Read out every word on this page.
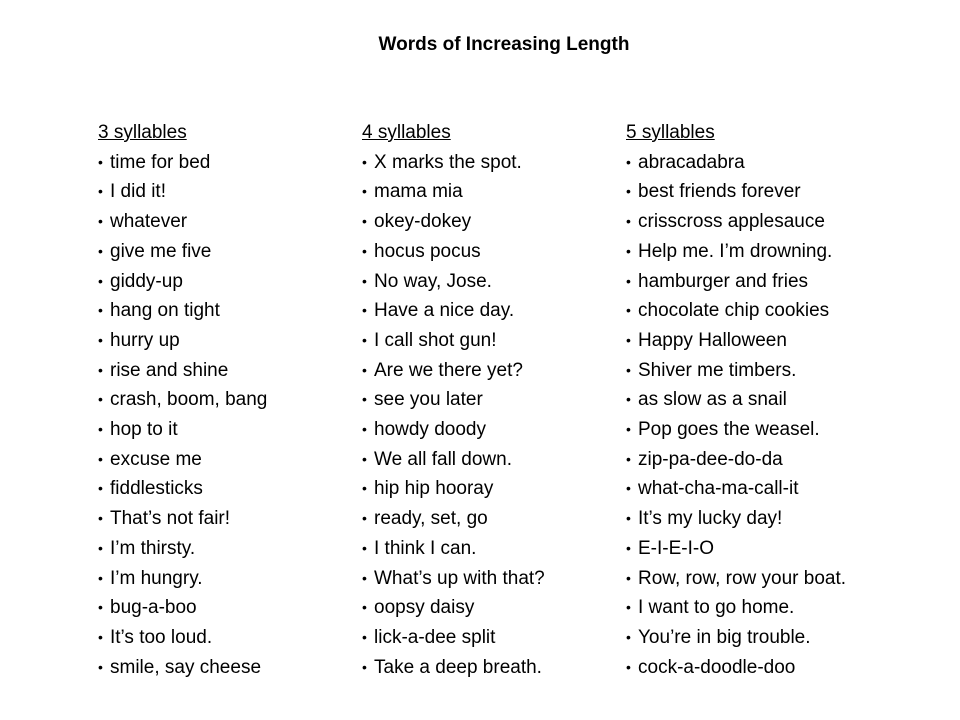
Words of Increasing Length
3 syllables
• time for bed
• I did it!
• whatever
• give me five
• giddy-up
• hang on tight
• hurry up
• rise and shine
• crash, boom, bang
• hop to it
• excuse me
• fiddlesticks
• That’s not fair!
• I’m thirsty.
• I’m hungry.
• bug-a-boo
• It’s too loud.
• smile, say cheese
4 syllables
• X marks the spot.
• mama mia
• okey-dokey
• hocus pocus
• No way, Jose.
• Have a nice day.
• I call shot gun!
• Are we there yet?
• see you later
• howdy doody
• We all fall down.
• hip hip hooray
• ready, set, go
• I think I can.
• What’s up with that?
• oopsy daisy
• lick-a-dee split
• Take a deep breath.
5 syllables
• abracadabra
• best friends forever
• crisscross applesauce
• Help me. I’m drowning.
• hamburger and fries
• chocolate chip cookies
• Happy Halloween
• Shiver me timbers.
• as slow as a snail
• Pop goes the weasel.
• zip-pa-dee-do-da
• what-cha-ma-call-it
• It’s my lucky day!
• E-I-E-I-O
• Row, row, row your boat.
• I want to go home.
• You’re in big trouble.
• cock-a-doodle-doo
